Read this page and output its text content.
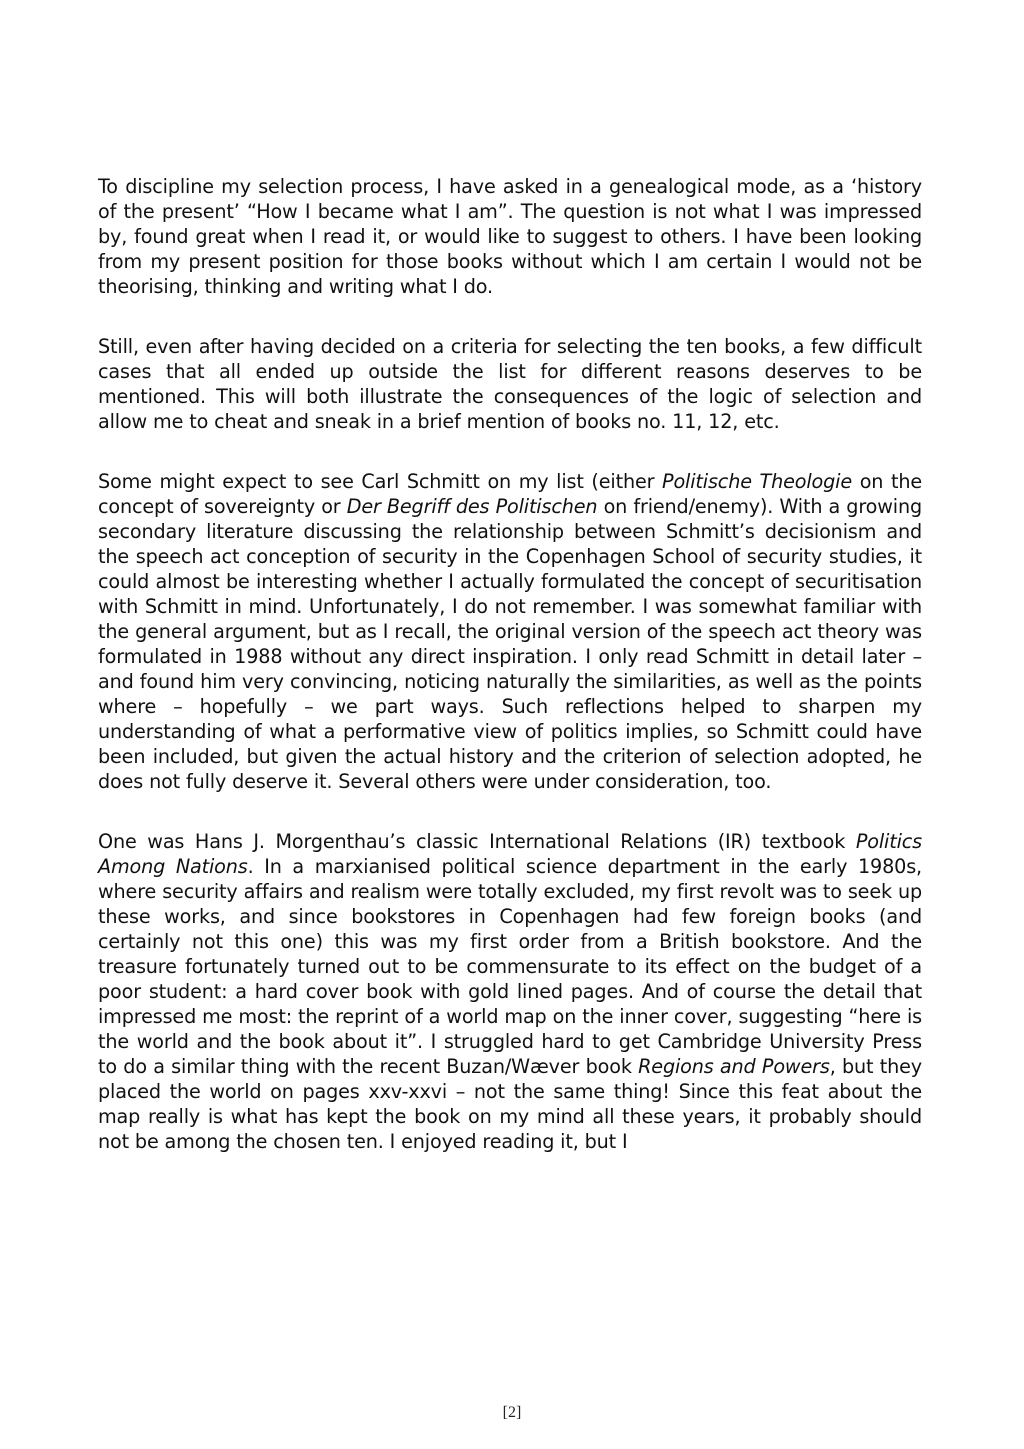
To discipline my selection process, I have asked in a genealogical mode, as a ‘history of the present’ “How I became what I am”. The question is not what I was impressed by, found great when I read it, or would like to suggest to others. I have been looking from my present position for those books without which I am certain I would not be theorising, thinking and writing what I do.

Still, even after having decided on a criteria for selecting the ten books, a few difficult cases that all ended up outside the list for different reasons deserves to be mentioned. This will both illustrate the consequences of the logic of selection and allow me to cheat and sneak in a brief mention of books no. 11, 12, etc.

Some might expect to see Carl Schmitt on my list (either Politische Theologie on the concept of sovereignty or Der Begriff des Politischen on friend/enemy). With a growing secondary literature discussing the relationship between Schmitt’s decisionism and the speech act conception of security in the Copenhagen School of security studies, it could almost be interesting whether I actually formulated the concept of securitisation with Schmitt in mind. Unfortunately, I do not remember. I was somewhat familiar with the general argument, but as I recall, the original version of the speech act theory was formulated in 1988 without any direct inspiration. I only read Schmitt in detail later – and found him very convincing, noticing naturally the similarities, as well as the points where – hopefully – we part ways. Such reflections helped to sharpen my understanding of what a performative view of politics implies, so Schmitt could have been included, but given the actual history and the criterion of selection adopted, he does not fully deserve it. Several others were under consideration, too.

One was Hans J. Morgenthau’s classic International Relations (IR) textbook Politics Among Nations. In a marxianised political science department in the early 1980s, where security affairs and realism were totally excluded, my first revolt was to seek up these works, and since bookstores in Copenhagen had few foreign books (and certainly not this one) this was my first order from a British bookstore. And the treasure fortunately turned out to be commensurate to its effect on the budget of a poor student: a hard cover book with gold lined pages. And of course the detail that impressed me most: the reprint of a world map on the inner cover, suggesting “here is the world and the book about it”. I struggled hard to get Cambridge University Press to do a similar thing with the recent Buzan/Wæver book Regions and Powers, but they placed the world on pages xxv-xxvi – not the same thing! Since this feat about the map really is what has kept the book on my mind all these years, it probably should not be among the chosen ten. I enjoyed reading it, but I

[2]
